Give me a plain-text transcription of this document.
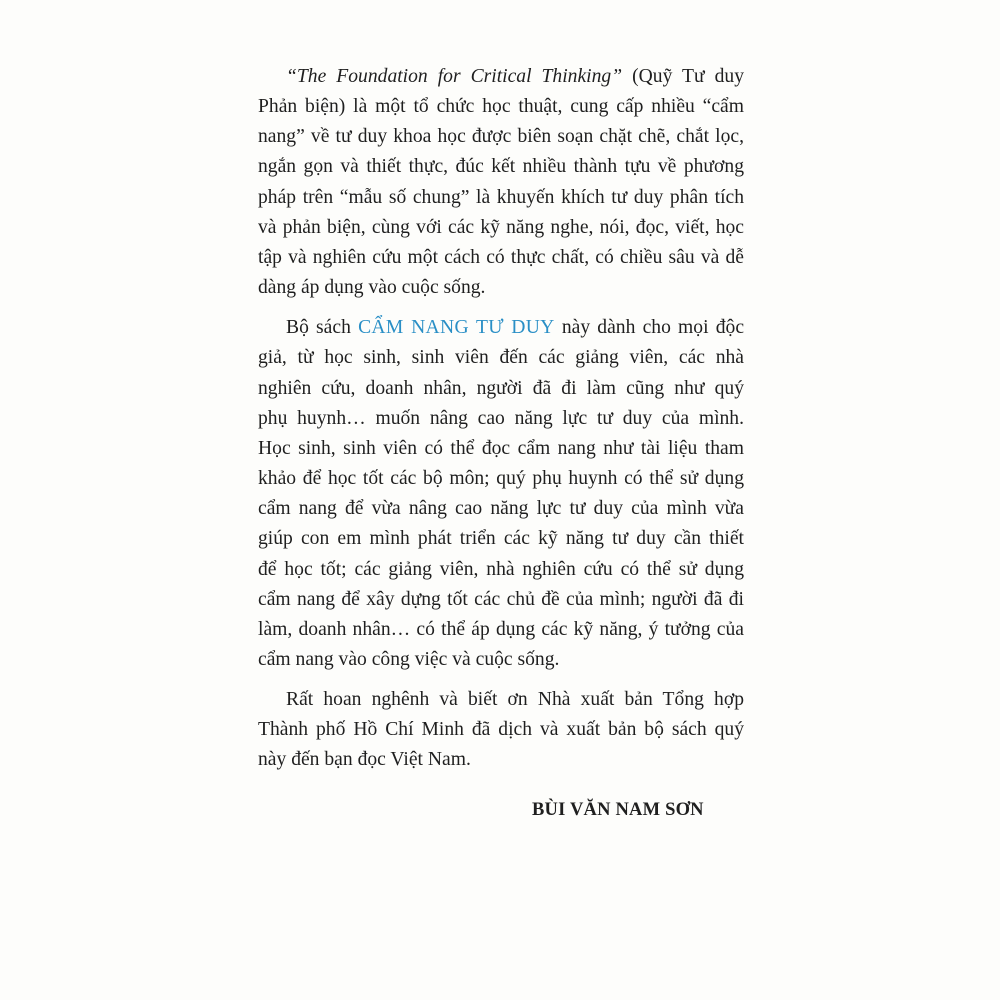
“The Foundation for Critical Thinking” (Quỹ Tư duy
Phản biện) là một tổ chức học thuật, cung cấp nhiều “cẩm
nang” về tư duy khoa học được biên soạn chặt chẽ, chắt lọc,
ngắn gọn và thiết thực, đúc kết nhiều thành tựu về phương
pháp trên “mẫu số chung” là khuyến khích tư duy phân tích
và phản biện, cùng với các kỹ năng nghe, nói, đọc, viết, học
tập và nghiên cứu một cách có thực chất, có chiều sâu và dễ
dàng áp dụng vào cuộc sống.
Bộ sách CẨM NANG TƯ DUY này dành cho mọi độc
giả, từ học sinh, sinh viên đến các giảng viên, các nhà
nghiên cứu, doanh nhân, người đã đi làm cũng như quý
phụ huynh… muốn nâng cao năng lực tư duy của mình.
Học sinh, sinh viên có thể đọc cẩm nang như tài liệu tham
khảo để học tốt các bộ môn; quý phụ huynh có thể sử dụng
cẩm nang để vừa nâng cao năng lực tư duy của mình vừa
giúp con em mình phát triển các kỹ năng tư duy cần thiết
để học tốt; các giảng viên, nhà nghiên cứu có thể sử dụng
cẩm nang để xây dựng tốt các chủ đề của mình; người đã đi
làm, doanh nhân… có thể áp dụng các kỹ năng, ý tưởng của
cẩm nang vào công việc và cuộc sống.
Rất hoan nghênh và biết ơn Nhà xuất bản Tổng hợp
Thành phố Hồ Chí Minh đã dịch và xuất bản bộ sách quý
này đến bạn đọc Việt Nam.
BÙI VĂN NAM SƠN
